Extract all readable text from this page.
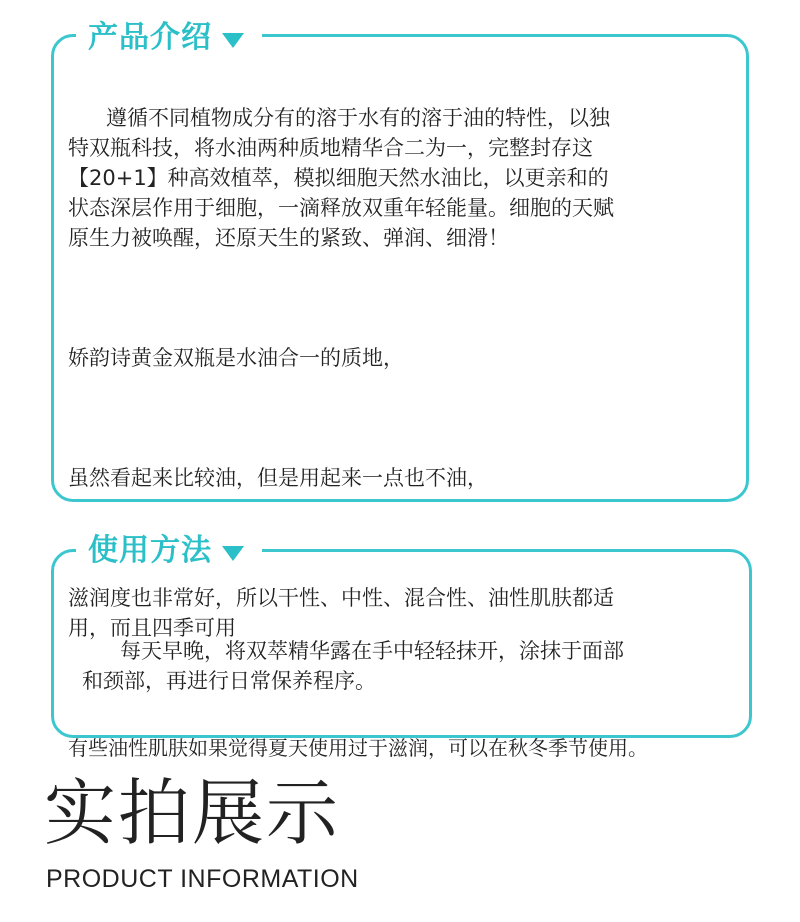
产品介绍

遵循不同植物成分有的溶于水有的溶于油的特性，以独
特双瓶科技，将水油两种质地精华合二为一，完整封存这
【20+1】种高效植萃，模拟细胞天然水油比，以更亲和的
状态深层作用于细胞，一滴释放双重年轻能量。细胞的天赋
原生力被唤醒，还原天生的紧致、弹润、细滑！

娇韵诗黄金双瓶是水油合一的质地，

虽然看起来比较油，但是用起来一点也不油，

滋润度也非常好，所以干性、中性、混合性、油性肌肤都适
用，而且四季可用

有些油性肌肤如果觉得夏天使用过于滋润，可以在秋冬季节使用。

使用方法

每天早晚，将双萃精华露在手中轻轻抹开，涂抹于面部
和颈部，再进行日常保养程序。

实拍展示
PRODUCT INFORMATION
